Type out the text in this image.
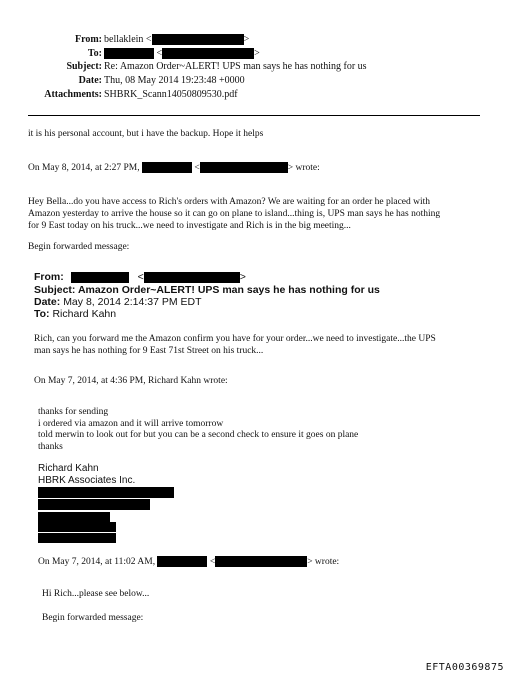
From: bellaklein <	>
To:	<	>
Subject: Re: Amazon Order~ALERT! UPS man says he has nothing for us
Date: Thu, 08 May 2014 19:23:48 +0000
Attachments: SHBRK_Scann14050809530.pdf
it is his personal account, but i have the backup. Hope it helps
On May 8, 2014, at 2:27 PM,	<	> wrote:
Hey Bella...do you have access to Rich's orders with Amazon? We are waiting for an order he placed with
Amazon yesterday to arrive the house so it can go on plane to island...thing is, UPS man says he has nothing
for 9 East today on his truck...we need to investigate and Rich is in the big meeting...
Begin forwarded message:
From:	<	>
Subject: Amazon Order~ALERT! UPS man says he has nothing for us
Date: May 8, 2014 2:14:37 PM EDT
To: Richard Kahn
Rich, can you forward me the Amazon confirm you have for your order...we need to investigate...the UPS
man says he has nothing for 9 East 71st Street on his truck...
On May 7, 2014, at 4:36 PM, Richard Kahn wrote:
thanks for sending
i ordered via amazon and it will arrive tomorrow
told merwin to look out for but you can be a second check to ensure it goes on plane
thanks
Richard Kahn
HBRK Associates Inc.
On May 7, 2014, at 11:02 AM,	<	> wrote:
Hi Rich...please see below...
Begin forwarded message:
EFTA00369875
